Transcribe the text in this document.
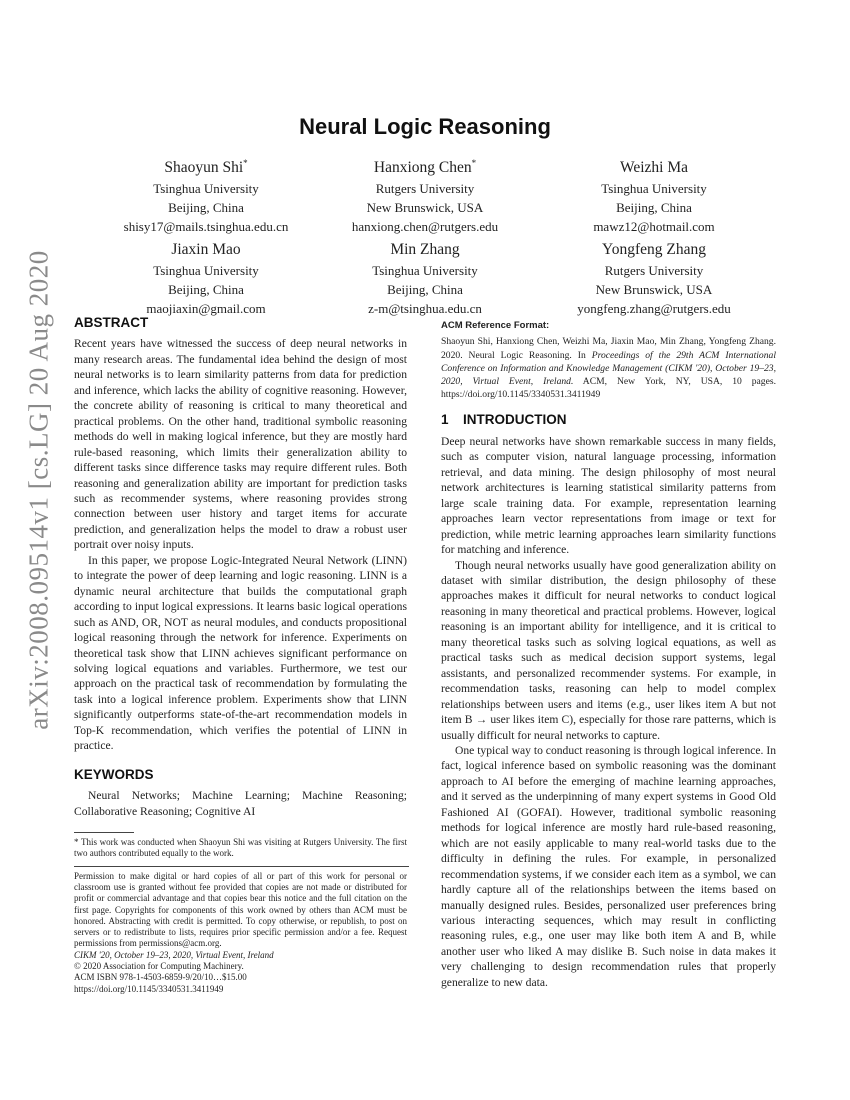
arXiv:2008.09514v1 [cs.LG] 20 Aug 2020
Neural Logic Reasoning
Shaoyun Shi*
Tsinghua University
Beijing, China
shisy17@mails.tsinghua.edu.cn
Hanxiong Chen*
Rutgers University
New Brunswick, USA
hanxiong.chen@rutgers.edu
Weizhi Ma
Tsinghua University
Beijing, China
mawz12@hotmail.com
Jiaxin Mao
Tsinghua University
Beijing, China
maojiaxin@gmail.com
Min Zhang
Tsinghua University
Beijing, China
z-m@tsinghua.edu.cn
Yongfeng Zhang
Rutgers University
New Brunswick, USA
yongfeng.zhang@rutgers.edu
ABSTRACT

Recent years have witnessed the success of deep neural networks in many research areas. The fundamental idea behind the design of most neural networks is to learn similarity patterns from data for prediction and inference, which lacks the ability of cognitive reasoning. However, the concrete ability of reasoning is critical to many theoretical and practical problems. On the other hand, traditional symbolic reasoning methods do well in making logical inference, but they are mostly hard rule-based reasoning, which limits their generalization ability to different tasks since difference tasks may require different rules. Both reasoning and generalization ability are important for prediction tasks such as recommender systems, where reasoning provides strong connection between user history and target items for accurate prediction, and generalization helps the model to draw a robust user portrait over noisy inputs.

In this paper, we propose Logic-Integrated Neural Network (LINN) to integrate the power of deep learning and logic reasoning. LINN is a dynamic neural architecture that builds the computational graph according to input logical expressions. It learns basic logical operations such as AND, OR, NOT as neural modules, and conducts propositional logical reasoning through the network for inference. Experiments on theoretical task show that LINN achieves significant performance on solving logical equations and variables. Furthermore, we test our approach on the practical task of recommendation by formulating the task into a logical inference problem. Experiments show that LINN significantly outperforms state-of-the-art recommendation models in Top-K recommendation, which verifies the potential of LINN in practice.

KEYWORDS

Neural Networks; Machine Learning; Machine Reasoning; Collaborative Reasoning; Cognitive AI

* This work was conducted when Shaoyun Shi was visiting at Rutgers University. The first two authors contributed equally to the work.

Permission to make digital or hard copies of all or part of this work for personal or classroom use is granted without fee provided that copies are not made or distributed for profit or commercial advantage and that copies bear this notice and the full citation on the first page. Copyrights for components of this work owned by others than ACM must be honored. Abstracting with credit is permitted. To copy otherwise, or republish, to post on servers or to redistribute to lists, requires prior specific permission and/or a fee. Request permissions from permissions@acm.org.

CIKM '20, October 19–23, 2020, Virtual Event, Ireland

© 2020 Association for Computing Machinery.

ACM ISBN 978-1-4503-6859-9/20/10…$15.00

https://doi.org/10.1145/3340531.3411949

ACM Reference Format:

Shaoyun Shi, Hanxiong Chen, Weizhi Ma, Jiaxin Mao, Min Zhang, Yongfeng Zhang. 2020. Neural Logic Reasoning. In Proceedings of the 29th ACM International Conference on Information and Knowledge Management (CIKM '20), October 19–23, 2020, Virtual Event, Ireland. ACM, New York, NY, USA, 10 pages. https://doi.org/10.1145/3340531.3411949

1 INTRODUCTION

Deep neural networks have shown remarkable success in many fields, such as computer vision, natural language processing, information retrieval, and data mining. The design philosophy of most neural network architectures is learning statistical similarity patterns from large scale training data. For example, representation learning approaches learn vector representations from image or text for prediction, while metric learning approaches learn similarity functions for matching and inference.

Though neural networks usually have good generalization ability on dataset with similar distribution, the design philosophy of these approaches makes it difficult for neural networks to conduct logical reasoning in many theoretical and practical problems. However, logical reasoning is an important ability for intelligence, and it is critical to many theoretical tasks such as solving logical equations, as well as practical tasks such as medical decision support systems, legal assistants, and personalized recommender systems. For example, in recommendation tasks, reasoning can help to model complex relationships between users and items (e.g., user likes item A but not item B → user likes item C), especially for those rare patterns, which is usually difficult for neural networks to capture.

One typical way to conduct reasoning is through logical inference. In fact, logical inference based on symbolic reasoning was the dominant approach to AI before the emerging of machine learning approaches, and it served as the underpinning of many expert systems in Good Old Fashioned AI (GOFAI). However, traditional symbolic reasoning methods for logical inference are mostly hard rule-based reasoning, which are not easily applicable to many real-world tasks due to the difficulty in defining the rules. For example, in personalized recommendation systems, if we consider each item as a symbol, we can hardly capture all of the relationships between the items based on manually designed rules. Besides, personalized user preferences bring various interacting sequences, which may result in conflicting reasoning rules, e.g., one user may like both item A and B, while another user who liked A may dislike B. Such noise in data makes it very challenging to design recommendation rules that properly generalize to new data.
